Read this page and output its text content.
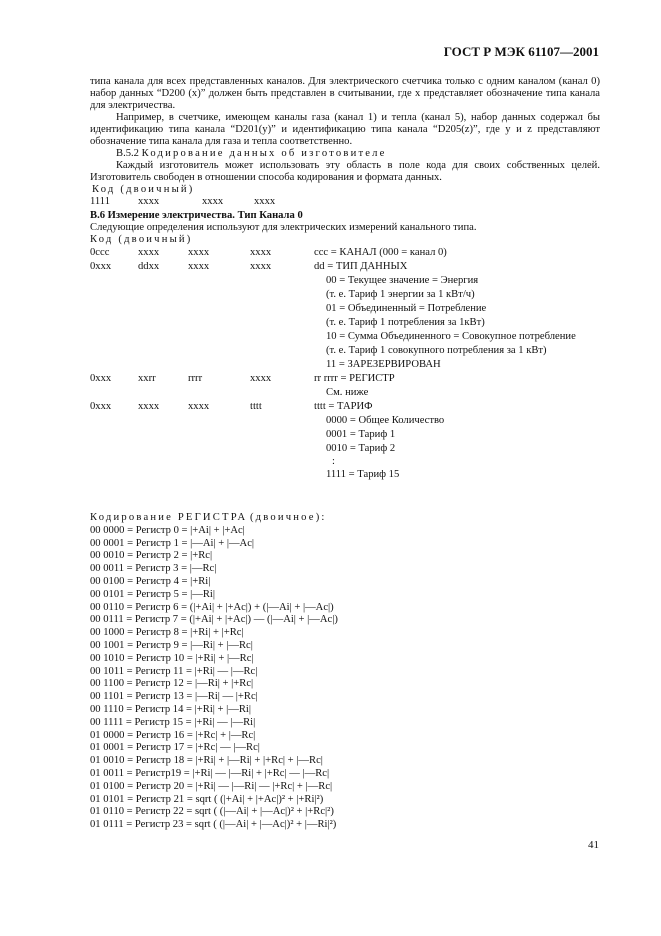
ГОСТ Р МЭК 61107—2001

типа канала для всех представленных каналов. Для электрического счетчика только с одним каналом (канал 0) набор данных “D200 (x)” должен быть представлен в считывании, где x представляет обозначение типа канала для электричества.

Например, в счетчике, имеющем каналы газа (канал 1) и тепла (канал 5), набор данных содержал бы идентификацию типа канала “D201(y)” и идентификацию типа канала “D205(z)”, где y и z представляют обозначение типа канала для газа и тепла соответственно.

B.5.2 Кодирование данных об изготовителе

Каждый изготовитель может использовать эту область в поле кода для своих собственных целей. Изготовитель свободен в отношении способа кодирования и формата данных.

Код (двоичный)
1111	xxxx	xxxx	xxxx
B.6 Измерение электричества. Тип Канала 0
Следующие определения используют для электрических измерений канального типа.
Код (двоичный)
0ccc	xxxx	xxxx	xxxx	ccc = КАНАЛ (000 = канал 0)
0xxx	ddxx	xxxx	xxxx	dd = ТИП ДАННЫХ
00 = Текущее значение = Энергия
(т. е. Тариф 1 энергии за 1 кВт/ч)
01 = Объединенный = Потребление
(т. е. Тариф 1 потребления за 1кВт)
10 = Сумма Объединенного = Совокупное потребление
(т. е. Тариф 1 совокупного потребления за 1 кВт)
11 = ЗАРЕЗЕРВИРОВАН
0xxx	xxrr	rrrr	xxxx	rr rrrr = РЕГИСТР
См. ниже
0xxx	xxxx	xxxx	tttt	tttt = ТАРИФ
0000 = Общее Количество
0001 = Тариф 1
0010 = Тариф 2
:
1111 = Тариф 15
Кодирование РЕГИСТРА (двоичное):
00 0000 = Регистр 0 = |+Ai| + |+Ac|
00 0001 = Регистр 1 = |—Ai| + |—Ac|
00 0010 = Регистр 2 = |+Rc|
00 0011 = Регистр 3 = |—Rc|
00 0100 = Регистр 4 = |+Ri|
00 0101 = Регистр 5 = |—Ri|
00 0110 = Регистр 6 = (|+Ai| + |+Ac|) + (|—Ai| + |—Ac|)
00 0111 = Регистр 7 = (|+Ai| + |+Ac|) — (|—Ai| + |—Ac|)
00 1000 = Регистр 8 = |+Ri| + |+Rc|
00 1001 = Регистр 9 = |—Ri| + |—Rc|
00 1010 = Регистр 10 = |+Ri| + |—Rc|
00 1011 = Регистр 11 = |+Ri| — |—Rc|
00 1100 = Регистр 12 = |—Ri| + |+Rc|
00 1101 = Регистр 13 = |—Ri| — |+Rc|
00 1110 = Регистр 14 = |+Ri| + |—Ri|
00 1111 = Регистр 15 = |+Ri| — |—Ri|
01 0000 = Регистр 16 = |+Rc| + |—Rc|
01 0001 = Регистр 17 = |+Rc| — |—Rc|
01 0010 = Регистр 18 = |+Ri| + |—Ri| + |+Rc| + |—Rc|
01 0011 = Регистр19 = |+Ri| — |—Ri| + |+Rc| — |—Rc|
01 0100 = Регистр 20 = |+Ri| — |—Ri| — |+Rc| + |—Rc|
01 0101 = Регистр 21 = sqrt ( (|+Ai| + |+Ac|)² + |+Ri|²)
01 0110 = Регистр 22 = sqrt ( (|—Ai| + |—Ac|)² + |+Rc|²)
01 0111 = Регистр 23 = sqrt ( (|—Ai| + |—Ac|)² + |—Ri|²)
41
